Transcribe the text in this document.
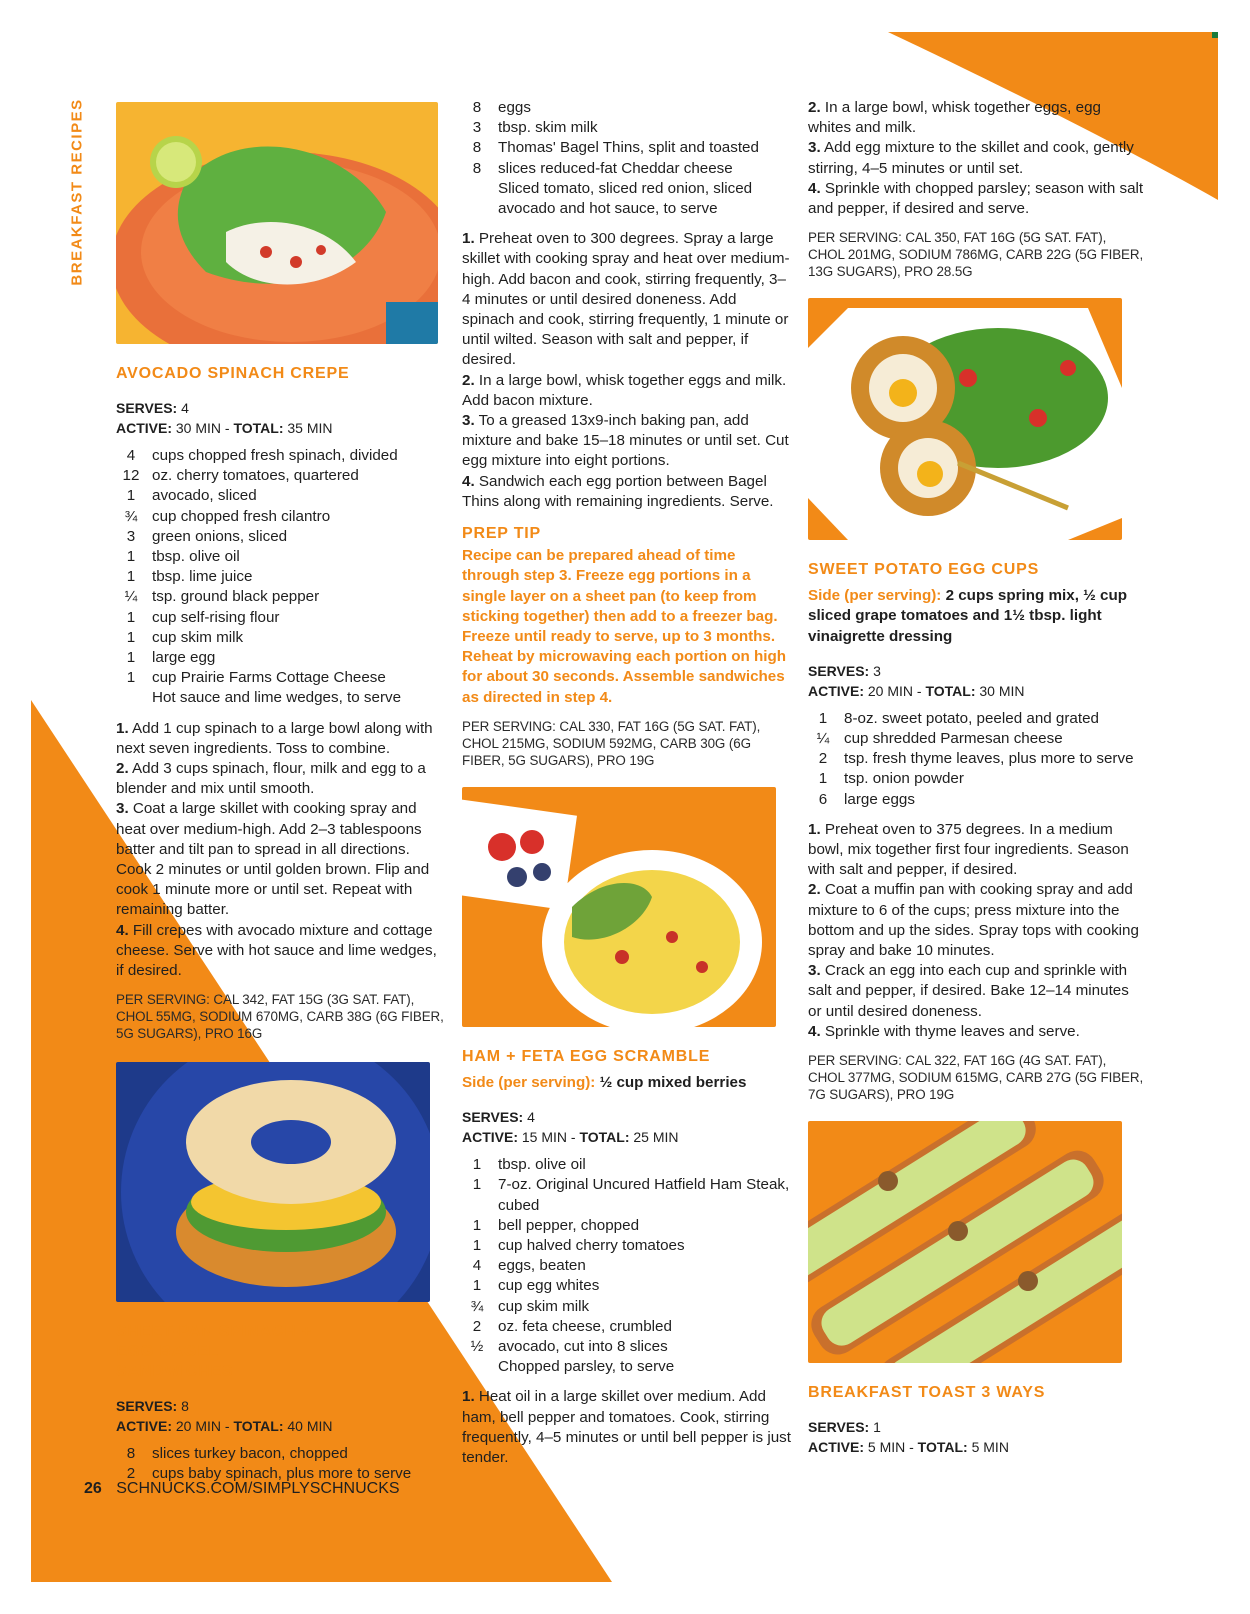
BREAKFAST RECIPES
AVOCADO SPINACH CREPE
SERVES: 4
ACTIVE: 30 MIN - TOTAL: 35 MIN
4	cups chopped fresh spinach, divided
12 oz. cherry tomatoes, quartered
1	avocado, sliced
¾ cup chopped fresh cilantro
3	green onions, sliced
1	tbsp. olive oil
1	tbsp. lime juice
¼ tsp. ground black pepper
1	cup self-rising flour
1	cup skim milk
1	large egg
1	cup Prairie Farms Cottage Cheese
Hot sauce and lime wedges, to serve

1. Add 1 cup spinach to a large bowl along with next seven ingredients. Toss to combine.

2. Add 3 cups spinach, flour, milk and egg to a blender and mix until smooth.

3. Coat a large skillet with cooking spray and heat over medium-high. Add 2–3 tablespoons batter and tilt pan to spread in all directions. Cook 2 minutes or until golden brown. Flip and cook 1 minute more or until set. Repeat with remaining batter.

4. Fill crepes with avocado mixture and cottage cheese. Serve with hot sauce and lime wedges, if desired.

PER SERVING: CAL 342, FAT 15G (3G SAT. FAT), CHOL 55MG, SODIUM 670MG, CARB 38G (6G FIBER, 5G SUGARS), PRO 16G
SHEET-PAN SPINACH + EGG BAGEL SANDWICHES
SERVES: 8
ACTIVE: 20 MIN - TOTAL: 40 MIN
8	slices turkey bacon, chopped
2	cups baby spinach, plus more to serve
8	eggs
3	tbsp. skim milk
8	Thomas' Bagel Thins, split and toasted
8	slices reduced-fat Cheddar cheese
Sliced tomato, sliced red onion, sliced avocado and hot sauce, to serve

1. Preheat oven to 300 degrees. Spray a large skillet with cooking spray and heat over medium-high. Add bacon and cook, stirring frequently, 3–4 minutes or until desired doneness. Add spinach and cook, stirring frequently, 1 minute or until wilted. Season with salt and pepper, if desired.

2. In a large bowl, whisk together eggs and milk. Add bacon mixture.

3. To a greased 13x9-inch baking pan, add mixture and bake 15–18 minutes or until set. Cut egg mixture into eight portions.

4. Sandwich each egg portion between Bagel Thins along with remaining ingredients. Serve.

PREP TIP
Recipe can be prepared ahead of time through step 3. Freeze egg portions in a single layer on a sheet pan (to keep from sticking together) then add to a freezer bag. Freeze until ready to serve, up to 3 months. Reheat by microwaving each portion on high for about 30 seconds. Assemble sandwiches as directed in step 4.
PER SERVING: CAL 330, FAT 16G (5G SAT. FAT), CHOL 215MG, SODIUM 592MG, CARB 30G (6G FIBER, 5G SUGARS), PRO 19G
HAM + FETA EGG SCRAMBLE
Side (per serving): ½ cup mixed berries
SERVES: 4
ACTIVE: 15 MIN - TOTAL: 25 MIN
1	tbsp. olive oil
1	7-oz. Original Uncured Hatfield Ham Steak, cubed
1	bell pepper, chopped
1	cup halved cherry tomatoes
4	eggs, beaten
1	cup egg whites
¾ cup skim milk
2	oz. feta cheese, crumbled
½ avocado, cut into 8 slices
Chopped parsley, to serve

1. Heat oil in a large skillet over medium. Add ham, bell pepper and tomatoes. Cook, stirring frequently, 4–5 minutes or until bell pepper is just tender.

2. In a large bowl, whisk together eggs, egg whites and milk.

3. Add egg mixture to the skillet and cook, gently stirring, 4–5 minutes or until set.

4. Sprinkle with chopped parsley; season with salt and pepper, if desired and serve.

PER SERVING: CAL 350, FAT 16G (5G SAT. FAT), CHOL 201MG, SODIUM 786MG, CARB 22G (5G FIBER, 13G SUGARS), PRO 28.5G
SWEET POTATO EGG CUPS
Side (per serving): 2 cups spring mix, ½ cup sliced grape tomatoes and 1½ tbsp. light vinaigrette dressing
SERVES: 3
ACTIVE: 20 MIN - TOTAL: 30 MIN
1	8-oz. sweet potato, peeled and grated
¼ cup shredded Parmesan cheese
2	tsp. fresh thyme leaves, plus more to serve
1	tsp. onion powder
6	large eggs

1. Preheat oven to 375 degrees. In a medium bowl, mix together first four ingredients. Season with salt and pepper, if desired.

2. Coat a muffin pan with cooking spray and add mixture to 6 of the cups; press mixture into the bottom and up the sides. Spray tops with cooking spray and bake 10 minutes.

3. Crack an egg into each cup and sprinkle with salt and pepper, if desired. Bake 12–14 minutes or until desired doneness.

4. Sprinkle with thyme leaves and serve.

PER SERVING: CAL 322, FAT 16G (4G SAT. FAT), CHOL 377MG, SODIUM 615MG, CARB 27G (5G FIBER, 7G SUGARS), PRO 19G
BREAKFAST TOAST 3 WAYS
SERVES: 1
ACTIVE: 5 MIN - TOTAL: 5 MIN
26 SCHNUCKS.COM/SIMPLYSCHNUCKS
